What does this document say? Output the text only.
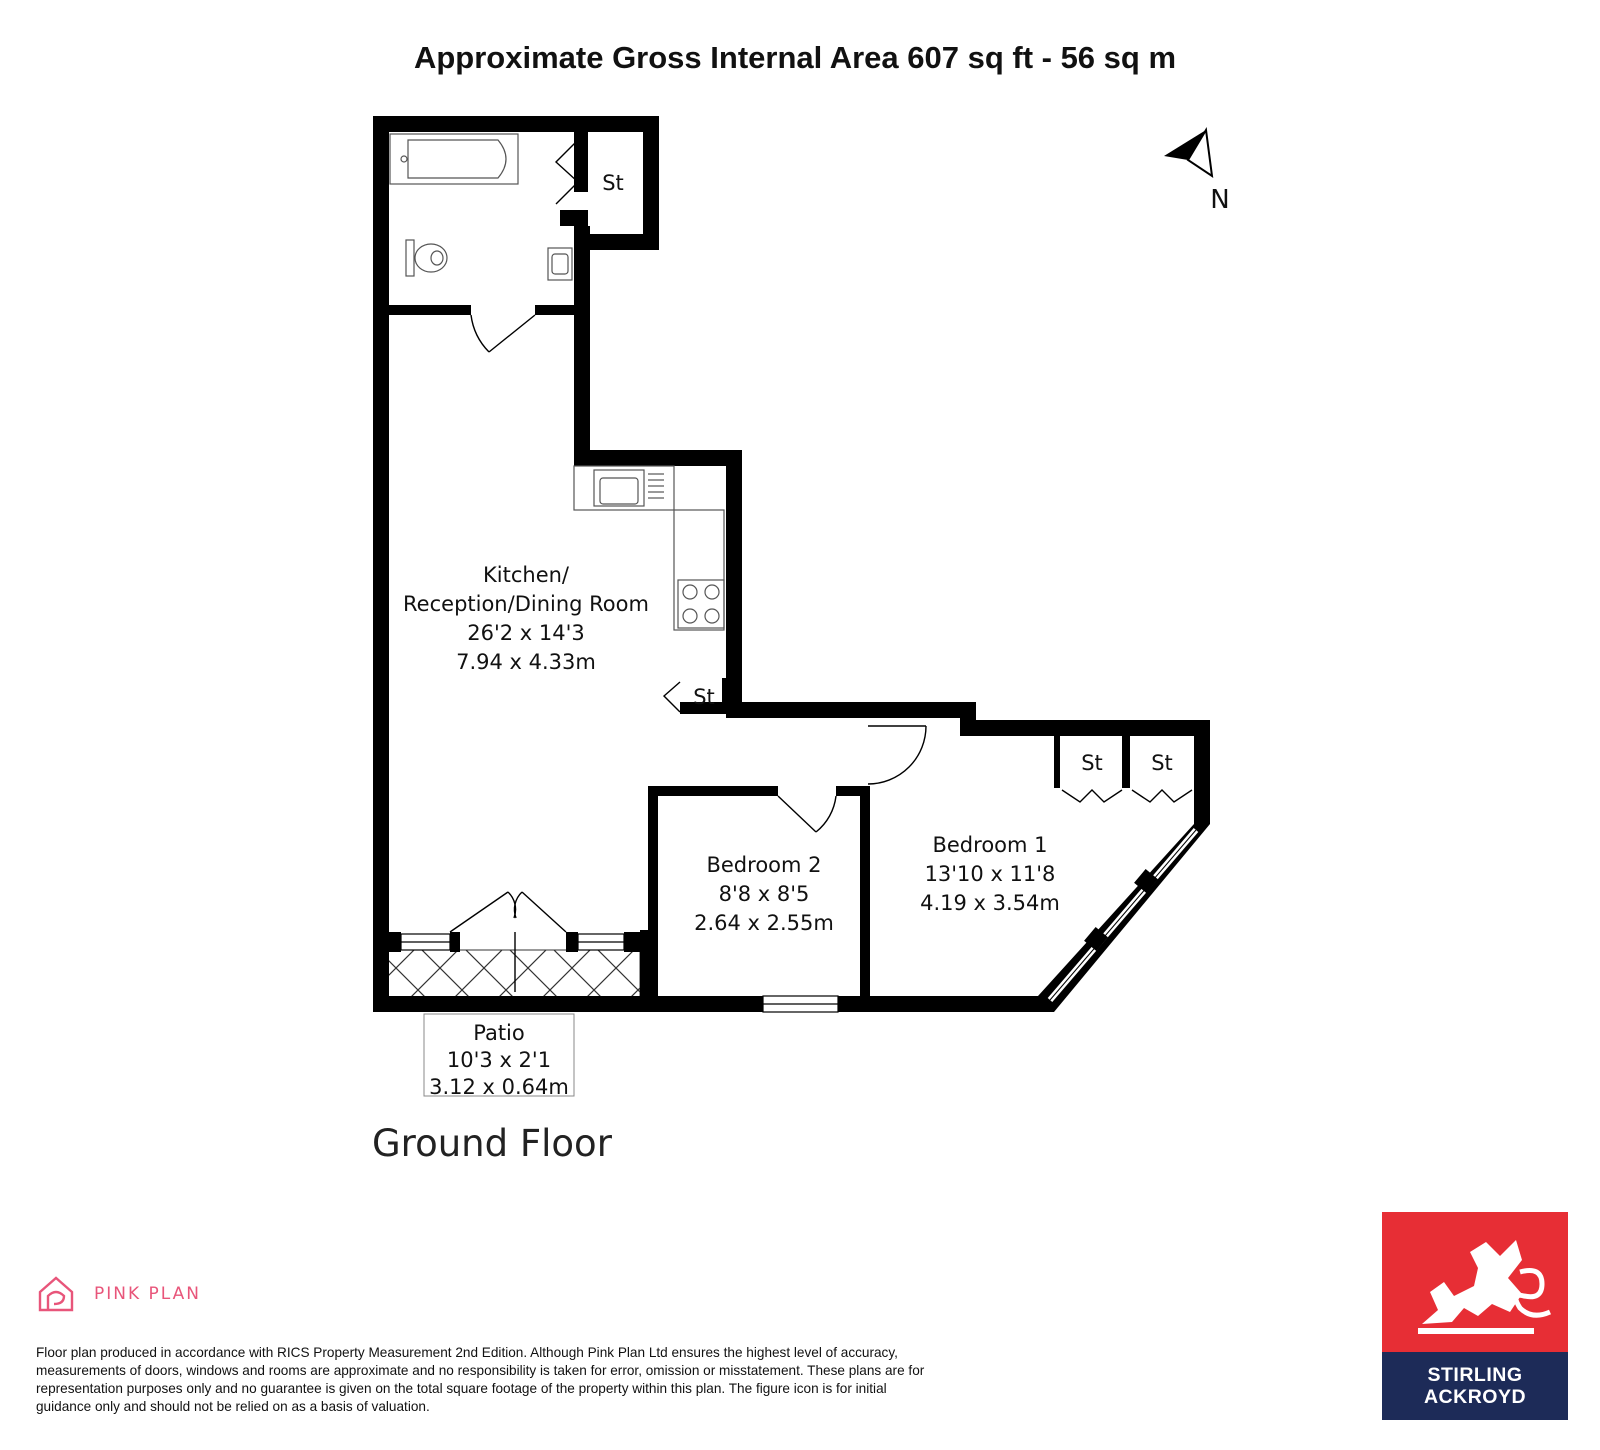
Approximate Gross Internal Area 607 sq ft - 56 sq m
Kitchen/
Reception/Dining Room
26'2 x 14'3
7.94 x 4.33m
Bedroom 2
8'8 x 8'5
2.64 x 2.55m
Bedroom 1
13'10 x 11'8
4.19 x 3.54m
Patio
10'3 x 2'1
3.12 x 0.64m
St
St
St St
N
Ground Floor
PINK PLAN
Floor plan produced in accordance with RICS Property Measurement 2nd Edition. Although Pink Plan Ltd ensures the highest level of accuracy, measurements of doors, windows and rooms are approximate and no responsibility is taken for error, omission or misstatement. These plans are for representation purposes only and no guarantee is given on the total square footage of the property within this plan. The figure icon is for initial guidance only and should not be relied on as a basis of valuation.
STIRLING
ACKROYD
